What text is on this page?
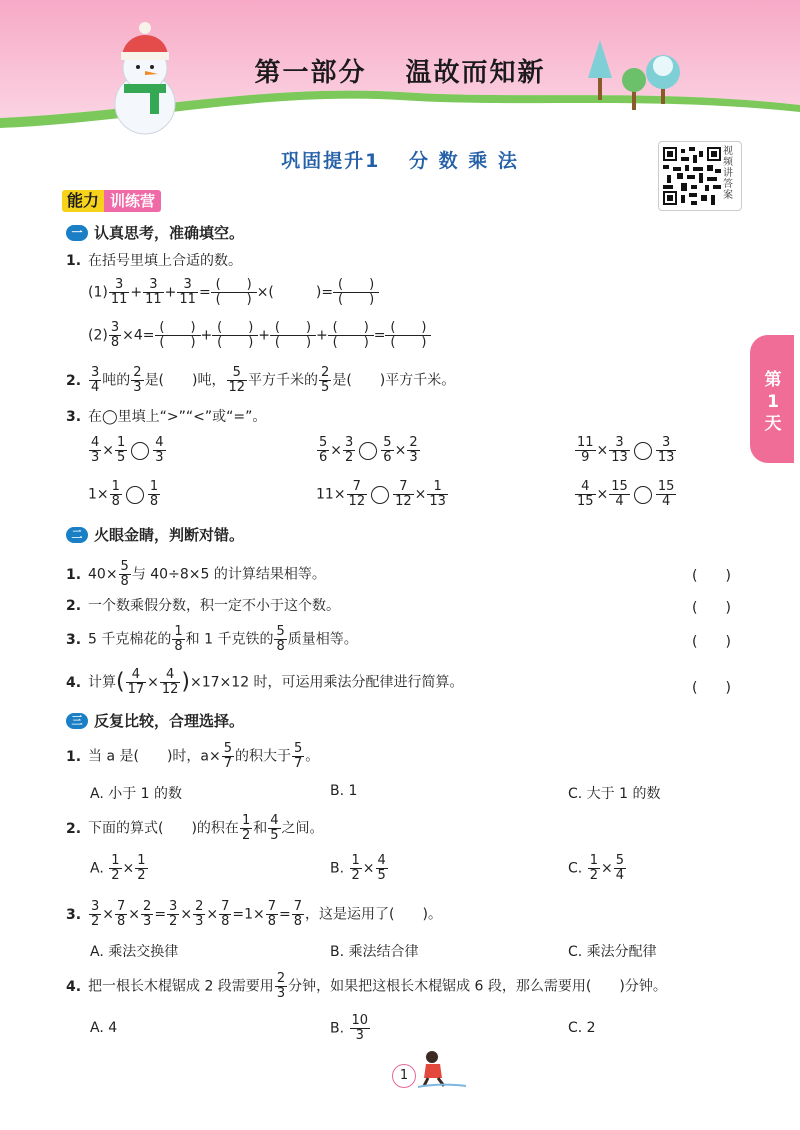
第一部分 温故而知新
巩固提升1 分 数 乘 法	视频讲答案
能力 训练营
第1天
一 认真思考，准确填空。
1. 在括号里填上合适的数。
$(1) \frac{3}{11} + \frac{3}{11} + \frac{3}{11}$ = (　　)
(　　) ×(　　　)= (　　)
(　　)
$(2) \frac{3}{8} \times 4=$ (　　)
(　　) + (　　)
(　　) + (　　)
(　　) + (　　)
(　　) = (　　)
(　　)
2. $\frac{3}{4}$ 吨的 $\frac{2}{3}$ 是(　　)吨， $\frac{5}{12}$ 平方千米的 $\frac{2}{5}$ 是(　　)平方千米。
3. 在◯里填上“>”“<”或“=”。
$\frac{4}{3} \times \frac{1}{5} \frac{4}{3}$	$\frac{5}{6} \times \frac{3}{2} \frac{5}{6} \times \frac{2}{3}$	$\frac{11}{9} \times \frac{3}{13} \frac{3}{13}$
$1\times \frac{1}{8} \frac{1}{8}$	$11\times \frac{7}{12} \frac{7}{12} \times \frac{1}{13}$	$\frac{4}{15} \times \frac{15}{4} \frac{15}{4}$
二 火眼金睛，判断对错。
1. $40\times \frac{5}{8}$ 与 40÷8×5 的计算结果相等。	(　　)
2. 一个数乘假分数，积一定不小于这个数。	(　　)
3. 5 千克棉花的 $\frac{1}{8}$ 和 1 千克铁的 $\frac{5}{8}$ 质量相等。	(　　)
4. 计算( $\frac{4}{17} \times \frac{4}{12} )\times 17\times 12$ 时，可运用乘法分配律进行简算。	(　　)
三 反复比较，合理选择。
1. 当 a 是(　　)时，$a\times \frac{5}{7}$ 的积大于 $\frac{5}{7}$ 。
A. 小于 1 的数	B. 1	C. 大于 1 的数
2. 下面的算式(　　)的积在 $\frac{1}{2}$ 和 $\frac{4}{5}$ 之间。
A. $\frac{1}{2} \times \frac{1}{2}$	B. $\frac{1}{2} \times \frac{4}{5}$	C. $\frac{1}{2} \times \frac{5}{4}$
3. $\frac{3}{2} \times \frac{7}{8} \times \frac{2}{3} = \frac{3}{2} \times \frac{2}{3} \times \frac{7}{8} =1\times \frac{7}{8} = \frac{7}{8}$ ，这是运用了(　　)。
A. 乘法交换律	B. 乘法结合律	C. 乘法分配律
4. 把一根长木棍锯成 2 段需要用 $\frac{2}{3}$ 分钟，如果把这根长木棍锯成 6 段，那么需要用(　　)分钟。
A. 4	B. $\frac{10}{3}$	C. 2
1
